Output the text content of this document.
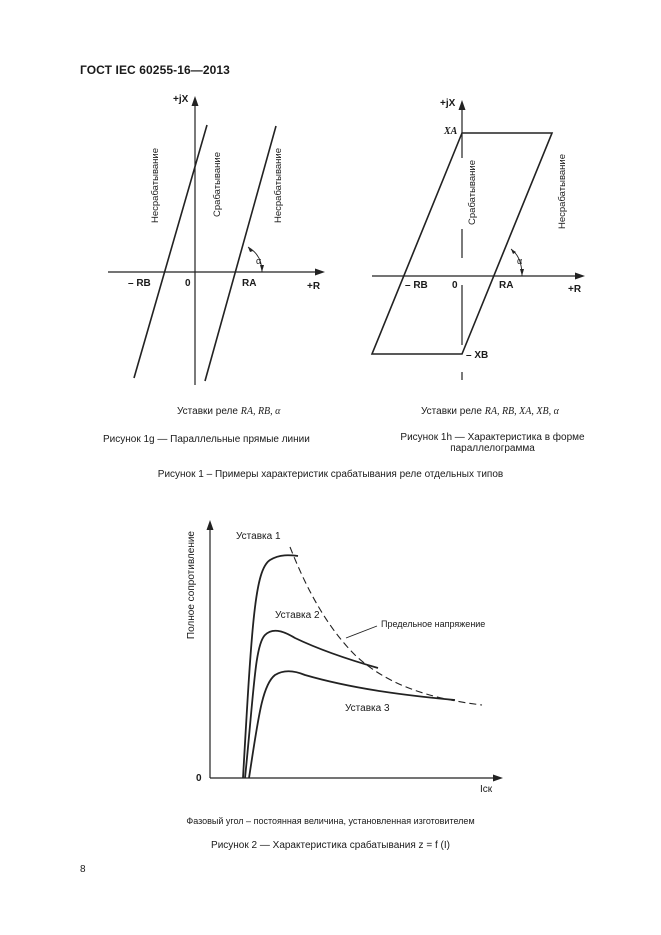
ГОСТ IEC 60255-16—2013
+jX
+R
0
– RB	RA
α
Несрабатывание	Срабатывание	Несрабатывание
Уставки реле RA, RB, α
Рисунок 1g — Параллельные прямые линии
+jX
+R
0
XA
– XB
– RB	RA
α
Срабатывание	Несрабатывание
Уставки реле RA, RB, XA, XB, α
Рисунок 1h — Характеристика в форме
параллелограмма
Рисунок 1 – Примеры характеристик срабатывания реле отдельных типов
Полное сопротивление
0
Iск
Уставка 1
Уставка 2
Уставка 3
Предельное напряжение
Фазовый угол – постоянная величина, установленная изготовителем
Рисунок 2 — Характеристика срабатывания z = f (I)
8
